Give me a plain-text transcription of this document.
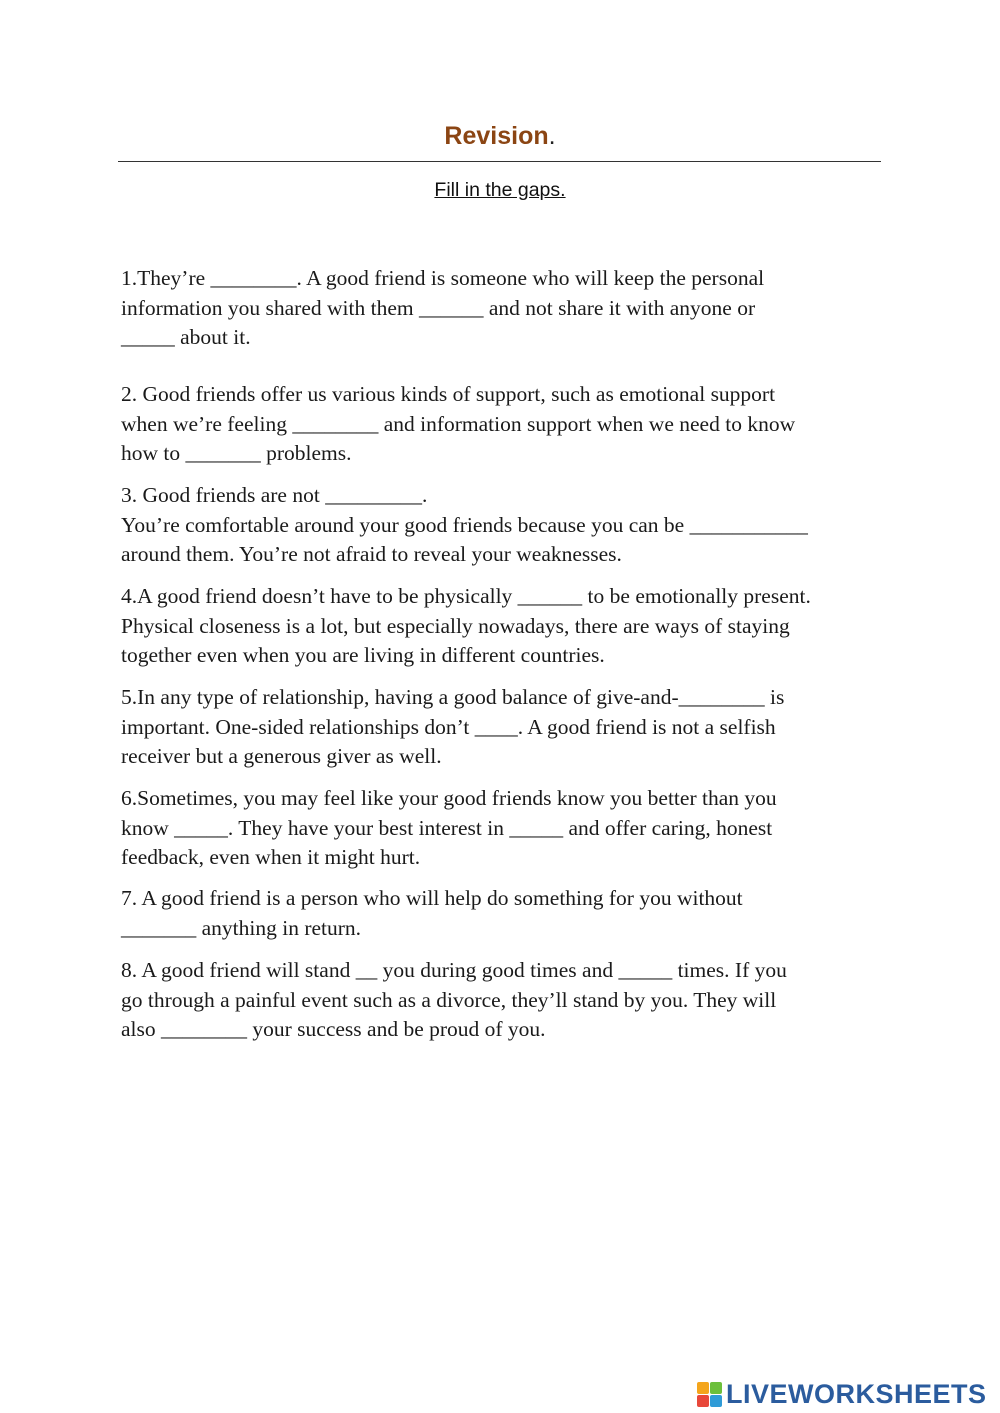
Revision.

Fill in the gaps.

1.They’re ________. A good friend is someone who will keep the personal
information you shared with them ______ and not share it with anyone or
_____ about it.

2. Good friends offer us various kinds of support, such as emotional support
when we’re feeling ________ and information support when we need to know
how to _______ problems.

3. Good friends are not _________.
You’re comfortable around your good friends because you can be ___________
around them. You’re not afraid to reveal your weaknesses.

4.A good friend doesn’t have to be physically ______ to be emotionally present.
Physical closeness is a lot, but especially nowadays, there are ways of staying
together even when you are living in different countries.

5.In any type of relationship, having a good balance of give-and-________ is
important. One-sided relationships don’t ____. A good friend is not a selfish
receiver but a generous giver as well.

6.Sometimes, you may feel like your good friends know you better than you
know _____. They have your best interest in _____ and offer caring, honest
feedback, even when it might hurt.

7. A good friend is a person who will help do something for you without
_______ anything in return.

8. A good friend will stand __ you during good times and _____ times. If you
go through a painful event such as a divorce, they’ll stand by you. They will
also ________ your success and be proud of you.

LIVEWORKSHEETS
